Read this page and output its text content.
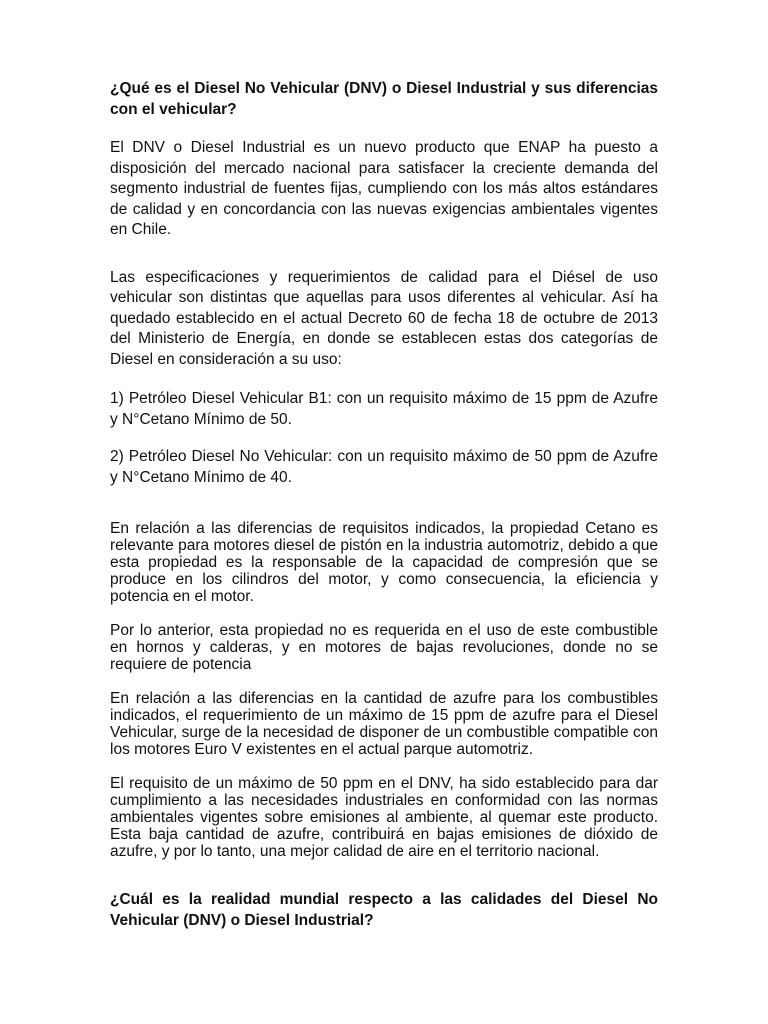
¿Qué es el Diesel No Vehicular (DNV) o Diesel Industrial y sus diferencias con el vehicular?

El DNV o Diesel Industrial es un nuevo producto que ENAP ha puesto a disposición del mercado nacional para satisfacer la creciente demanda del segmento industrial de fuentes fijas, cumpliendo con los más altos estándares de calidad y en concordancia con las nuevas exigencias ambientales vigentes en Chile.

Las especificaciones y requerimientos de calidad para el Diésel de uso vehicular son distintas que aquellas para usos diferentes al vehicular. Así ha quedado establecido en el actual Decreto 60 de fecha 18 de octubre de 2013 del Ministerio de Energía, en donde se establecen estas dos categorías de Diesel en consideración a su uso:

1) Petróleo Diesel Vehicular B1: con un requisito máximo de 15 ppm de Azufre y N°Cetano Mínimo de 50.

2) Petróleo Diesel No Vehicular: con un requisito máximo de 50 ppm de Azufre y N°Cetano Mínimo de 40.

En relación a las diferencias de requisitos indicados, la propiedad Cetano es relevante para motores diesel de pistón en la industria automotriz, debido a que esta propiedad es la responsable de la capacidad de compresión que se produce en los cilindros del motor, y como consecuencia, la eficiencia y potencia en el motor.

Por lo anterior, esta propiedad no es requerida en el uso de este combustible en hornos y calderas, y en motores de bajas revoluciones, donde no se requiere de potencia

En relación a las diferencias en la cantidad de azufre para los combustibles indicados, el requerimiento de un máximo de 15 ppm de azufre para el Diesel Vehicular, surge de la necesidad de disponer de un combustible compatible con los motores Euro V existentes en el actual parque automotriz.

El requisito de un máximo de 50 ppm en el DNV, ha sido establecido para dar cumplimiento a las necesidades industriales en conformidad con las normas ambientales vigentes sobre emisiones al ambiente, al quemar este producto. Esta baja cantidad de azufre, contribuirá en bajas emisiones de dióxido de azufre, y por lo tanto, una mejor calidad de aire en el territorio nacional.

¿Cuál es la realidad mundial respecto a las calidades del Diesel No Vehicular (DNV) o Diesel Industrial?
